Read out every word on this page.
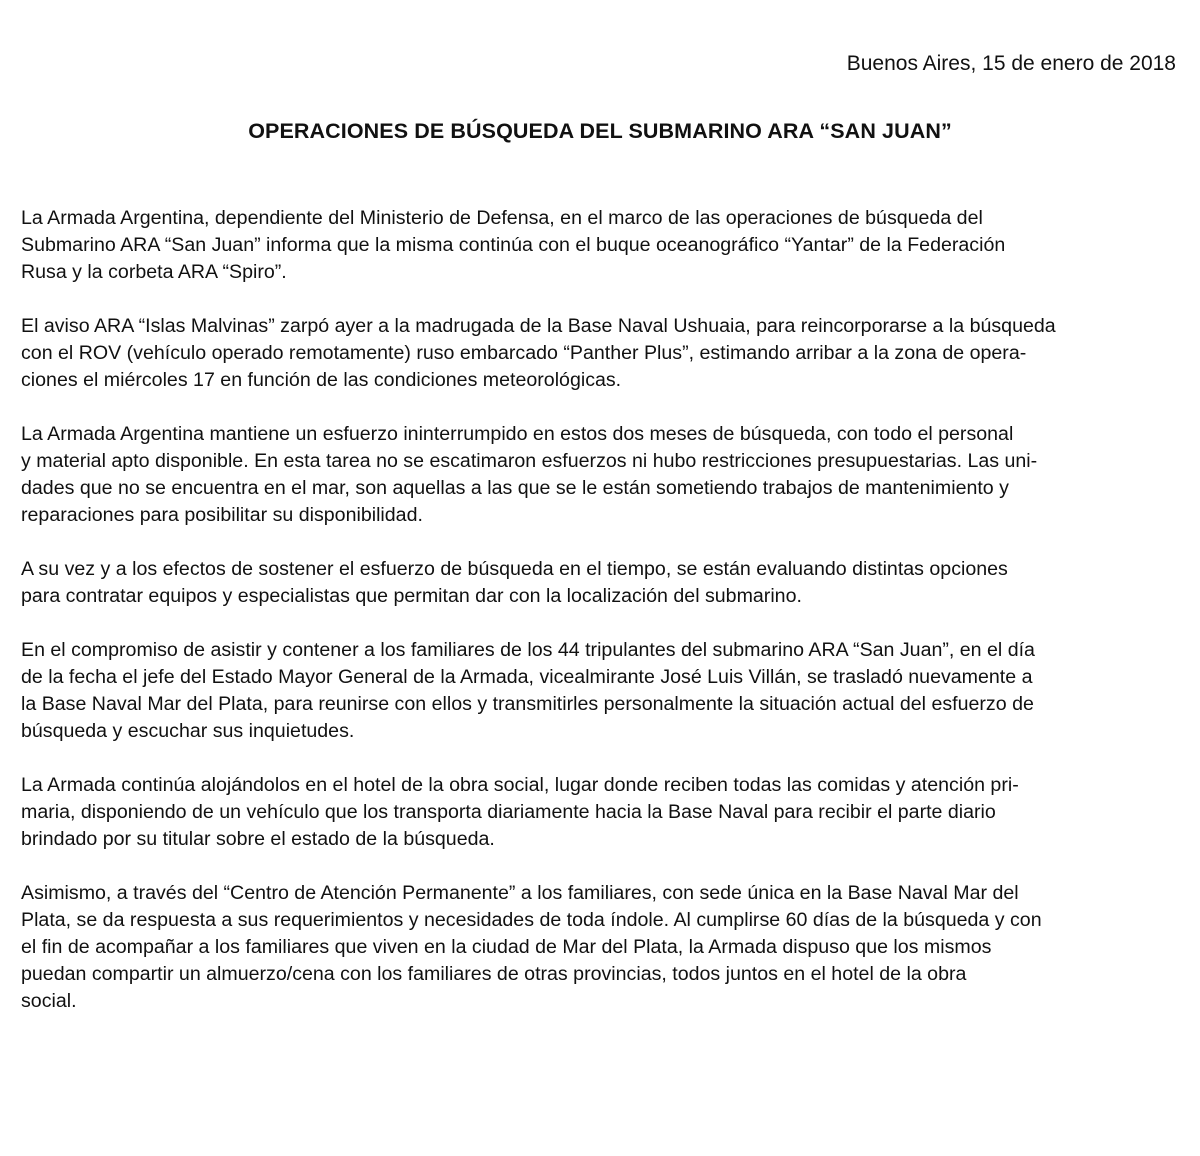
Buenos Aires, 15 de enero de 2018
OPERACIONES DE BÚSQUEDA DEL SUBMARINO ARA “SAN JUAN”

La Armada Argentina, dependiente del Ministerio de Defensa, en el marco de las operaciones de búsqueda del
Submarino ARA “San Juan” informa que la misma continúa con el buque oceanográfico “Yantar” de la Federación
Rusa y la corbeta ARA “Spiro”.

El aviso ARA “Islas Malvinas” zarpó ayer a la madrugada de la Base Naval Ushuaia, para reincorporarse a la búsqueda
con el ROV (vehículo operado remotamente) ruso embarcado “Panther Plus”, estimando arribar a la zona de opera-
ciones el miércoles 17 en función de las condiciones meteorológicas.

La Armada Argentina mantiene un esfuerzo ininterrumpido en estos dos meses de búsqueda, con todo el personal
y material apto disponible. En esta tarea no se escatimaron esfuerzos ni hubo restricciones presupuestarias. Las uni-
dades que no se encuentra en el mar, son aquellas a las que se le están sometiendo trabajos de mantenimiento y
reparaciones para posibilitar su disponibilidad.

A su vez y a los efectos de sostener el esfuerzo de búsqueda en el tiempo, se están evaluando distintas opciones
para contratar equipos y especialistas que permitan dar con la localización del submarino.

En el compromiso de asistir y contener a los familiares de los 44 tripulantes del submarino ARA “San Juan”, en el día
de la fecha el jefe del Estado Mayor General de la Armada, vicealmirante José Luis Villán, se trasladó nuevamente a
la Base Naval Mar del Plata, para reunirse con ellos y transmitirles personalmente la situación actual del esfuerzo de
búsqueda y escuchar sus inquietudes.

La Armada continúa alojándolos en el hotel de la obra social, lugar donde reciben todas las comidas y atención pri-
maria, disponiendo de un vehículo que los transporta diariamente hacia la Base Naval para recibir el parte diario
brindado por su titular sobre el estado de la búsqueda.

Asimismo, a través del “Centro de Atención Permanente” a los familiares, con sede única en la Base Naval Mar del
Plata, se da respuesta a sus requerimientos y necesidades de toda índole. Al cumplirse 60 días de la búsqueda y con
el fin de acompañar a los familiares que viven en la ciudad de Mar del Plata, la Armada dispuso que los mismos
puedan compartir un almuerzo/cena con los familiares de otras provincias, todos juntos en el hotel de la obra
social.
